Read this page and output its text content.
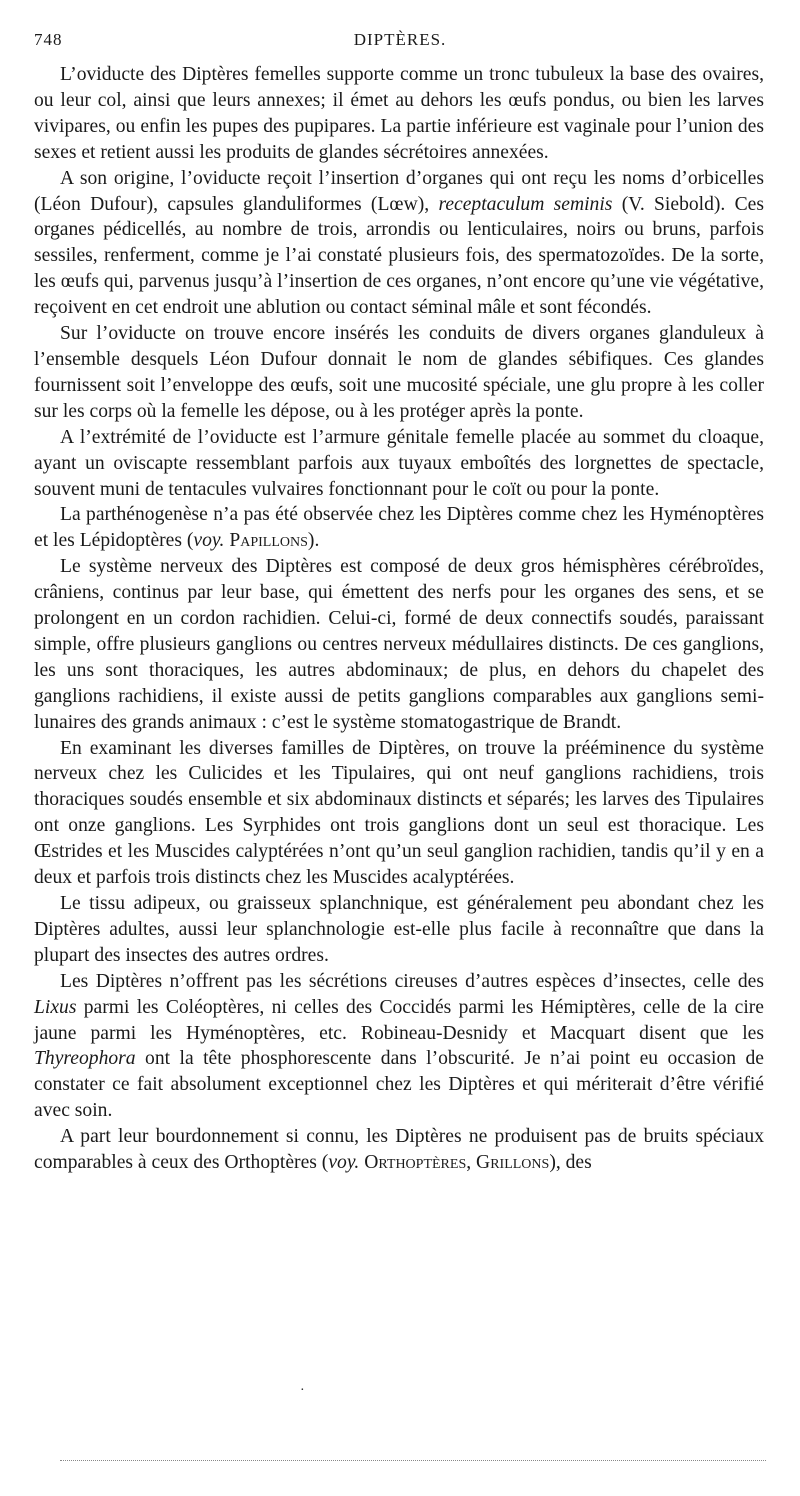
748	DIPTÈRES.

L’oviducte des Diptères femelles supporte comme un tronc tubuleux la base des ovaires, ou leur col, ainsi que leurs annexes; il émet au dehors les œufs pondus, ou bien les larves vivipares, ou enfin les pupes des pupipares. La partie inférieure est vaginale pour l’union des sexes et retient aussi les produits de glandes sécrétoires annexées.

A son origine, l’oviducte reçoit l’insertion d’organes qui ont reçu les noms d’orbicelles (Léon Dufour), capsules glanduliformes (Lœw), receptaculum seminis (V. Siebold). Ces organes pédicellés, au nombre de trois, arrondis ou lenticulaires, noirs ou bruns, parfois sessiles, renferment, comme je l’ai constaté plusieurs fois, des spermatozoïdes. De la sorte, les œufs qui, parvenus jusqu’à l’insertion de ces organes, n’ont encore qu’une vie végétative, reçoivent en cet endroit une ablution ou contact séminal mâle et sont fécondés.

Sur l’oviducte on trouve encore insérés les conduits de divers organes glanduleux à l’ensemble desquels Léon Dufour donnait le nom de glandes sébifiques. Ces glandes fournissent soit l’enveloppe des œufs, soit une mucosité spéciale, une glu propre à les coller sur les corps où la femelle les dépose, ou à les protéger après la ponte.

A l’extrémité de l’oviducte est l’armure génitale femelle placée au sommet du cloaque, ayant un oviscapte ressemblant parfois aux tuyaux emboîtés des lorgnettes de spectacle, souvent muni de tentacules vulvaires fonctionnant pour le coït ou pour la ponte.

La parthénogenèse n’a pas été observée chez les Diptères comme chez les Hyménoptères et les Lépidoptères (voy. Papillons).

Le système nerveux des Diptères est composé de deux gros hémisphères cérébroïdes, crâniens, continus par leur base, qui émettent des nerfs pour les organes des sens, et se prolongent en un cordon rachidien. Celui-ci, formé de deux connectifs soudés, paraissant simple, offre plusieurs ganglions ou centres nerveux médullaires distincts. De ces ganglions, les uns sont thoraciques, les autres abdominaux; de plus, en dehors du chapelet des ganglions rachidiens, il existe aussi de petits ganglions comparables aux ganglions semi-lunaires des grands animaux : c’est le système stomatogastrique de Brandt.

En examinant les diverses familles de Diptères, on trouve la prééminence du système nerveux chez les Culicides et les Tipulaires, qui ont neuf ganglions rachidiens, trois thoraciques soudés ensemble et six abdominaux distincts et séparés; les larves des Tipulaires ont onze ganglions. Les Syrphides ont trois ganglions dont un seul est thoracique. Les Œstrides et les Muscides calyptérées n’ont qu’un seul ganglion rachidien, tandis qu’il y en a deux et parfois trois distincts chez les Muscides acalyptérées.

Le tissu adipeux, ou graisseux splanchnique, est généralement peu abondant chez les Diptères adultes, aussi leur splanchnologie est-elle plus facile à reconnaître que dans la plupart des insectes des autres ordres.

Les Diptères n’offrent pas les sécrétions cireuses d’autres espèces d’insectes, celle des Lixus parmi les Coléoptères, ni celles des Coccidés parmi les Hémiptères, celle de la cire jaune parmi les Hyménoptères, etc. Robineau-Desnidy et Macquart disent que les Thyreophora ont la tête phosphorescente dans l’obscurité. Je n’ai point eu occasion de constater ce fait absolument exceptionnel chez les Diptères et qui mériterait d’être vérifié avec soin.

A part leur bourdonnement si connu, les Diptères ne produisent pas de bruits spéciaux comparables à ceux des Orthoptères (voy. Orthoptères, Grillons), des

·
